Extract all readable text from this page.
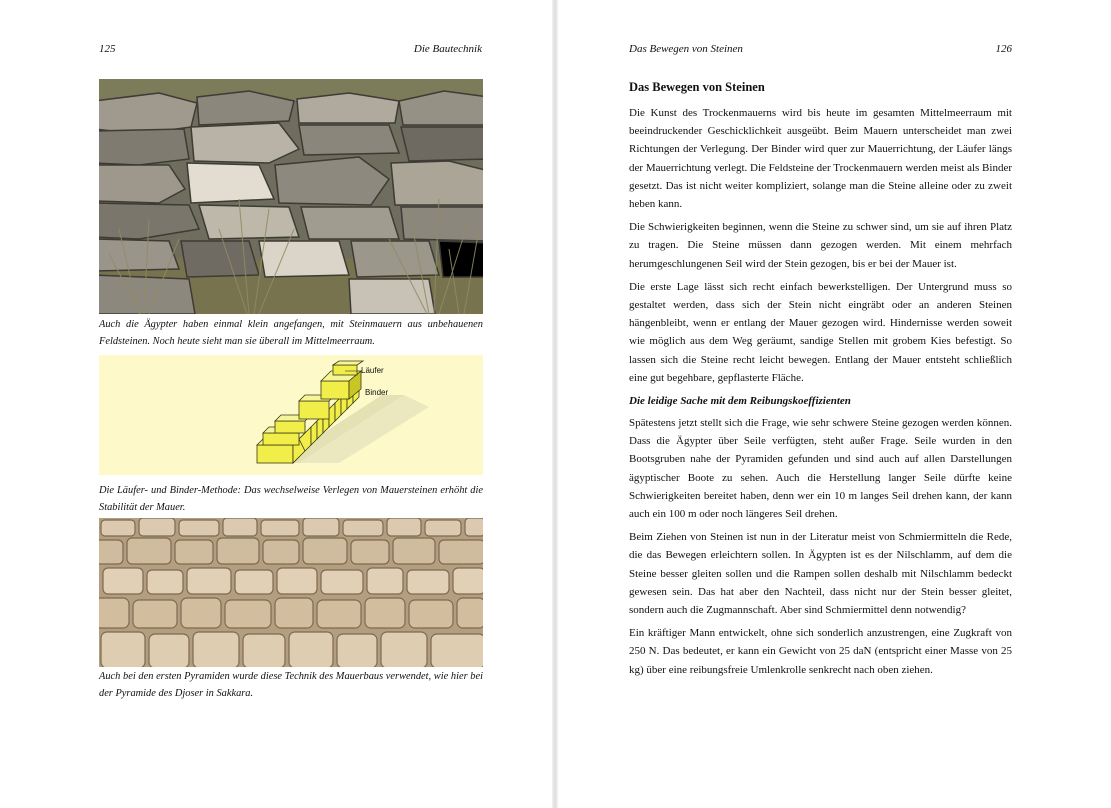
125	Die Bautechnik
Auch die Ägypter haben einmal klein angefangen, mit Steinmauern aus unbehauenen Feldsteinen. Noch heute sieht man sie überall im Mittelmeerraum.
Läufer
Binder
Die Läufer- und Binder-Methode: Das wechselweise Verlegen von Mauersteinen erhöht die Stabilität der Mauer.
Auch bei den ersten Pyramiden wurde diese Technik des Mauerbaus verwendet, wie hier bei der Pyramide des Djoser in Sakkara.
Das Bewegen von Steinen	126
Das Bewegen von Steinen

Die Kunst des Trockenmauerns wird bis heute im gesamten Mittelmeerraum mit beeindruckender Geschicklichkeit ausgeübt. Beim Mauern unterscheidet man zwei Richtungen der Verlegung. Der Binder wird quer zur Mauerrichtung, der Läufer längs der Mauerrichtung verlegt. Die Feldsteine der Trockenmauern werden meist als Binder gesetzt. Das ist nicht weiter kompliziert, solange man die Steine alleine oder zu zweit heben kann.

Die Schwierigkeiten beginnen, wenn die Steine zu schwer sind, um sie auf ihren Platz zu tragen. Die Steine müssen dann gezogen werden. Mit einem mehrfach herumgeschlungenen Seil wird der Stein gezogen, bis er bei der Mauer ist.

Die erste Lage lässt sich recht einfach bewerkstelligen. Der Untergrund muss so gestaltet werden, dass sich der Stein nicht eingräbt oder an anderen Steinen hängenbleibt, wenn er entlang der Mauer gezogen wird. Hindernisse werden soweit wie möglich aus dem Weg geräumt, sandige Stellen mit grobem Kies befestigt. So lassen sich die Steine recht leicht bewegen. Entlang der Mauer entsteht schließlich eine gut begehbare, gepflasterte Fläche.

Die leidige Sache mit dem Reibungskoeffizienten

Spätestens jetzt stellt sich die Frage, wie sehr schwere Steine gezogen werden können. Dass die Ägypter über Seile verfügten, steht außer Frage. Seile wurden in den Bootsgruben nahe der Pyramiden gefunden und sind auch auf allen Darstellungen ägyptischer Boote zu sehen. Auch die Herstellung langer Seile dürfte keine Schwierigkeiten bereitet haben, denn wer ein 10 m langes Seil drehen kann, der kann auch ein 100 m oder noch längeres Seil drehen.

Beim Ziehen von Steinen ist nun in der Literatur meist von Schmiermitteln die Rede, die das Bewegen erleichtern sollen. In Ägypten ist es der Nilschlamm, auf dem die Steine besser gleiten sollen und die Rampen sollen deshalb mit Nilschlamm bedeckt gewesen sein. Das hat aber den Nachteil, dass nicht nur der Stein besser gleitet, sondern auch die Zugmannschaft. Aber sind Schmiermittel denn notwendig?

Ein kräftiger Mann entwickelt, ohne sich sonderlich anzustrengen, eine Zugkraft von 250 N. Das bedeutet, er kann ein Gewicht von 25 daN (entspricht einer Masse von 25 kg) über eine reibungsfreie Umlenkrolle senkrecht nach oben ziehen.
